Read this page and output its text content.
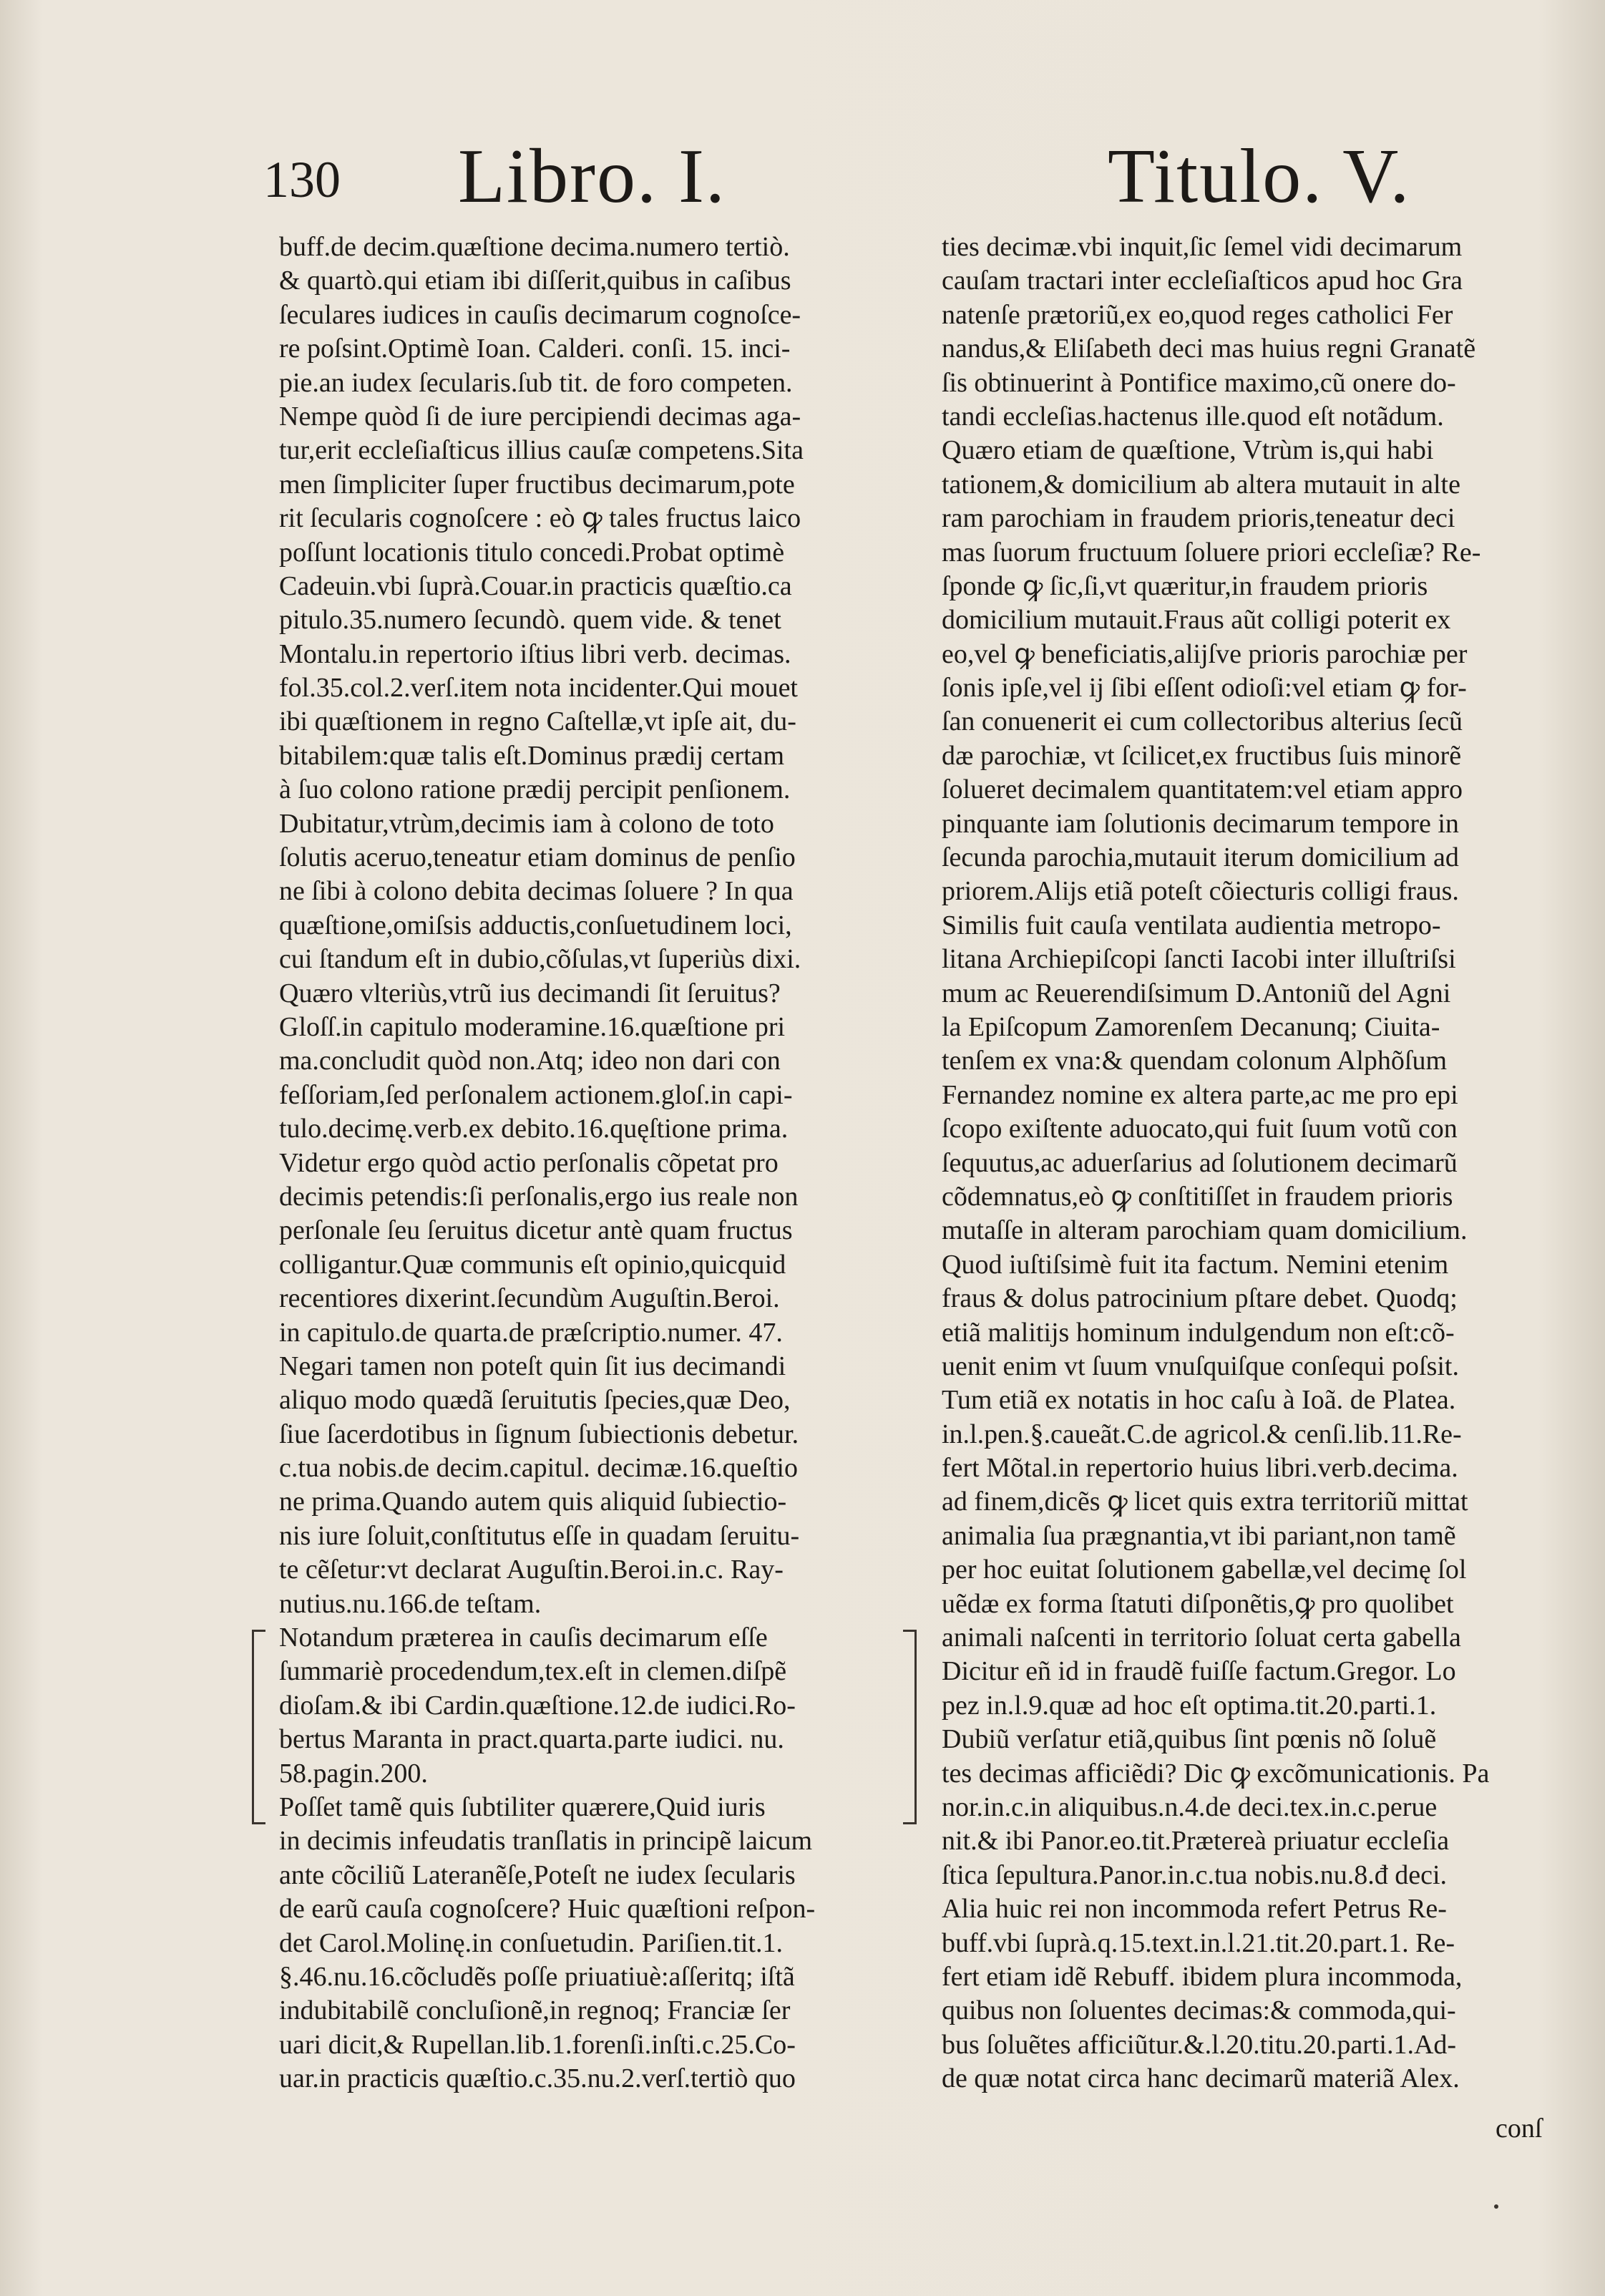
130 Libro. I.	Titulo. V.
buff.de decim.quæſtione decima.numero tertiò.
& quartò.qui etiam ibi diſſerit,quibus in caſibus
ſeculares iudices in cauſis decimarum cognoſce-
re poſsint.Optimè Ioan. Calderi. conſi. 15. inci-
pie.an iudex ſecularis.ſub tit. de foro competen.
Nempe quòd ſi de iure percipiendi decimas aga-
tur,erit eccleſiaſticus illius cauſæ competens.Sita
men ſimpliciter ſuper fructibus decimarum,pote
rit ſecularis cognoſcere : eò ꝙ tales fructus laico
poſſunt locationis titulo concedi.Probat optimè
Cadeuin.vbi ſuprà.Couar.in practicis quæſtio.ca
pitulo.35.numero ſecundò. quem vide. & tenet
Montalu.in repertorio iſtius libri verb. decimas.
fol.35.col.2.verſ.item nota incidenter.Qui mouet
ibi quæſtionem in regno Caſtellæ,vt ipſe ait, du-
bitabilem:quæ talis eſt.Dominus prædij certam
à ſuo colono ratione prædij percipit penſionem.
Dubitatur,vtrùm,decimis iam à colono de toto
ſolutis aceruo,teneatur etiam dominus de penſio
ne ſibi à colono debita decimas ſoluere ? In qua
quæſtione,omiſsis adductis,conſuetudinem loci,
cui ſtandum eſt in dubio,cõſulas,vt ſuperiùs dixi.
Quæro vlteriùs,vtrũ ius decimandi ſit ſeruitus?
Gloſſ.in capitulo moderamine.16.quæſtione pri
ma.concludit quòd non.Atq; ideo non dari con
feſſoriam,ſed perſonalem actionem.gloſ.in capi-
tulo.decimę.verb.ex debito.16.quęſtione prima.
Videtur ergo quòd actio perſonalis cõpetat pro
decimis petendis:ſi perſonalis,ergo ius reale non
perſonale ſeu ſeruitus dicetur antè quam fructus
colligantur.Quæ communis eſt opinio,quicquid
recentiores dixerint.ſecundùm Auguſtin.Beroi.
in capitulo.de quarta.de præſcriptio.numer. 47.
Negari tamen non poteſt quin ſit ius decimandi
aliquo modo quædã ſeruitutis ſpecies,quæ Deo,
ſiue ſacerdotibus in ſignum ſubiectionis debetur.
c.tua nobis.de decim.capitul. decimæ.16.queſtio
ne prima.Quando autem quis aliquid ſubiectio-
nis iure ſoluit,conſtitutus eſſe in quadam ſeruitu-
te cẽſetur:vt declarat Auguſtin.Beroi.in.c. Ray-
nutius.nu.166.de teſtam.
Notandum præterea in cauſis decimarum eſſe
ſummariè procedendum,tex.eſt in clemen.diſpẽ
dioſam.& ibi Cardin.quæſtione.12.de iudici.Ro-
bertus Maranta in pract.quarta.parte iudici. nu.
58.pagin.200.
Poſſet tamẽ quis ſubtiliter quærere,Quid iuris
in decimis infeudatis tranſlatis in principẽ laicum
ante cõciliũ Lateranẽſe,Poteſt ne iudex ſecularis
de earũ cauſa cognoſcere? Huic quæſtioni reſpon-
det Carol.Molinę.in conſuetudin. Pariſien.tit.1.
§.46.nu.16.cõcludẽs poſſe priuatiuè:aſſeritq; iſtã
indubitabilẽ concluſionẽ,in regnoq; Franciæ ſer
uari dicit,& Rupellan.lib.1.forenſi.inſti.c.25.Co-
uar.in practicis quæſtio.c.35.nu.2.verſ.tertiò quo
ties decimæ.vbi inquit,ſic ſemel vidi decimarum
cauſam tractari inter eccleſiaſticos apud hoc Gra
natenſe prætoriũ,ex eo,quod reges catholici Fer
nandus,& Eliſabeth deci mas huius regni Granatẽ
ſis obtinuerint à Pontifice maximo,cũ onere do-
tandi eccleſias.hactenus ille.quod eſt notãdum.
Quæro etiam de quæſtione, Vtrùm is,qui habi
tationem,& domicilium ab altera mutauit in alte
ram parochiam in fraudem prioris,teneatur deci
mas ſuorum fructuum ſoluere priori eccleſiæ? Re-
ſponde ꝙ ſic,ſi,vt quæritur,in fraudem prioris
domicilium mutauit.Fraus aũt colligi poterit ex
eo,vel ꝙ beneficiatis,alijſve prioris parochiæ per
ſonis ipſe,vel ij ſibi eſſent odioſi:vel etiam ꝙ for-
ſan conuenerit ei cum collectoribus alterius ſecũ
dæ parochiæ, vt ſcilicet,ex fructibus ſuis minorẽ
ſolueret decimalem quantitatem:vel etiam appro
pinquante iam ſolutionis decimarum tempore in
ſecunda parochia,mutauit iterum domicilium ad
priorem.Alijs etiã poteſt cõiecturis colligi fraus.
Similis fuit cauſa ventilata audientia metropo-
litana Archiepiſcopi ſancti Iacobi inter illuſtriſsi
mum ac Reuerendiſsimum D.Antoniũ del Agni
la Epiſcopum Zamorenſem Decanunq; Ciuita-
tenſem ex vna:& quendam colonum Alphõſum
Fernandez nomine ex altera parte,ac me pro epi
ſcopo exiſtente aduocato,qui fuit ſuum votũ con
ſequutus,ac aduerſarius ad ſolutionem decimarũ
cõdemnatus,eò ꝙ conſtitiſſet in fraudem prioris
mutaſſe in alteram parochiam quam domicilium.
Quod iuſtiſsimè fuit ita factum. Nemini etenim
fraus & dolus patrocinium pſtare debet. Quodq;
etiã malitijs hominum indulgendum non eſt:cõ-
uenit enim vt ſuum vnuſquiſque conſequi poſsit.
Tum etiã ex notatis in hoc caſu à Ioã. de Platea.
in.l.pen.§.caueãt.C.de agricol.& cenſi.lib.11.Re-
fert Mõtal.in repertorio huius libri.verb.decima.
ad finem,dicẽs ꝙ licet quis extra territoriũ mittat
animalia ſua prægnantia,vt ibi pariant,non tamẽ
per hoc euitat ſolutionem gabellæ,vel decimę ſol
uẽdæ ex forma ſtatuti diſponẽtis,ꝙ pro quolibet
animali naſcenti in territorio ſoluat certa gabella
Dicitur eñ id in fraudẽ fuiſſe factum.Gregor. Lo
pez in.l.9.quæ ad hoc eſt optima.tit.20.parti.1.
Dubiũ verſatur etiã,quibus ſint pœnis nõ ſoluẽ
tes decimas afficiẽdi? Dic ꝙ excõmunicationis. Pa
nor.in.c.in aliquibus.n.4.de deci.tex.in.c.perue
nit.& ibi Panor.eo.tit.Prætereà priuatur eccleſia
ſtica ſepultura.Panor.in.c.tua nobis.nu.8.đ deci.
Alia huic rei non incommoda refert Petrus Re-
buff.vbi ſuprà.q.15.text.in.l.21.tit.20.part.1. Re-
fert etiam idẽ Rebuff. ibidem plura incommoda,
quibus non ſoluentes decimas:& commoda,qui-
bus ſoluẽtes afficiũtur.&.l.20.titu.20.parti.1.Ad-
de quæ notat circa hanc decimarũ materiã Alex.
conſ
